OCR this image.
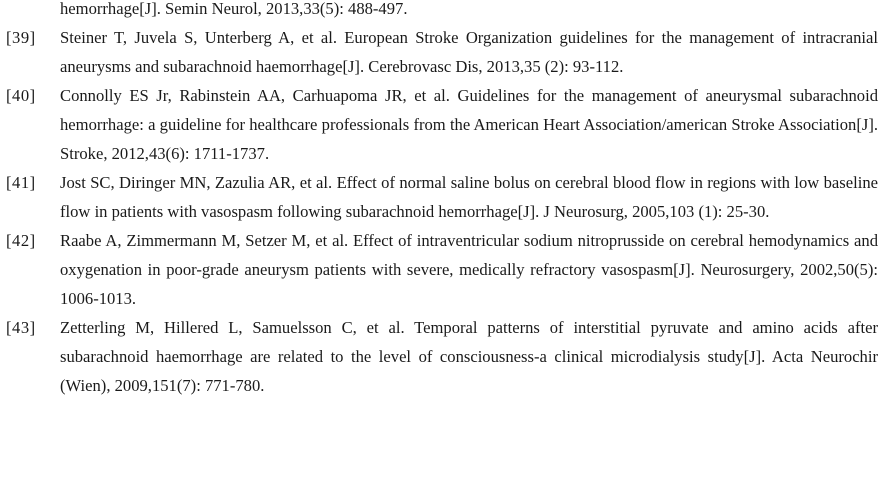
hemorrhage[J]. Semin Neurol, 2013,33(5): 488-497.
[39] Steiner T, Juvela S, Unterberg A, et al. European Stroke Organization guidelines for the management of intracranial aneurysms and subarachnoid haemorrhage[J]. Cerebrovasc Dis, 2013,35 (2): 93-112.
[40] Connolly ES Jr, Rabinstein AA, Carhuapoma JR, et al. Guidelines for the management of aneurysmal subarachnoid hemorrhage: a guideline for healthcare professionals from the American Heart Association/american Stroke Association[J]. Stroke, 2012,43(6): 1711-1737.
[41] Jost SC, Diringer MN, Zazulia AR, et al. Effect of normal saline bolus on cerebral blood flow in regions with low baseline flow in patients with vasospasm following subarachnoid hemorrhage[J]. J Neurosurg, 2005,103 (1): 25-30.
[42] Raabe A, Zimmermann M, Setzer M, et al. Effect of intraventricular sodium nitroprusside on cerebral hemodynamics and oxygenation in poor-grade aneurysm patients with severe, medically refractory vasospasm[J]. Neurosurgery, 2002,50(5): 1006-1013.
[43] Zetterling M, Hillered L, Samuelsson C, et al. Temporal patterns of interstitial pyruvate and amino acids after subarachnoid haemorrhage are related to the level of consciousness-a clinical microdialysis study[J]. Acta Neurochir (Wien), 2009,151(7): 771-780.
